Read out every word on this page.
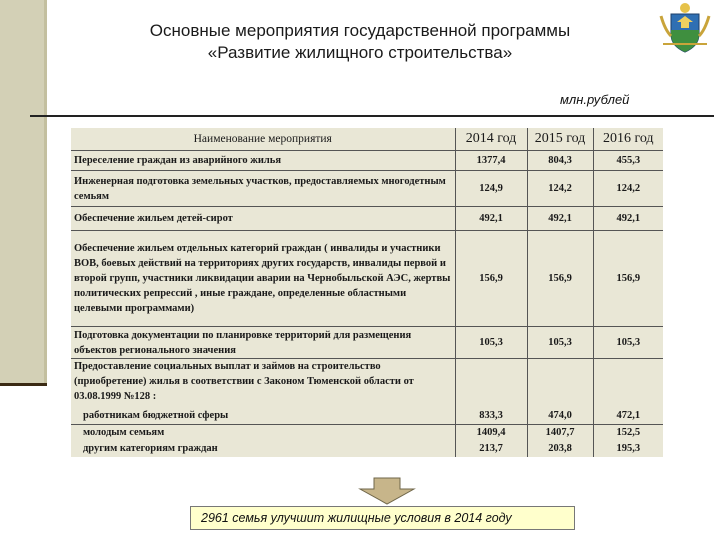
Основные мероприятия государственной программы
«Развитие жилищного строительства»
млн.рублей
Наименование мероприятия	2014 год	2015 год	2016 год
Переселение граждан из аварийного жилья	1377,4	804,3	455,3
Инженерная подготовка земельных участков, предоставляемых многодетным семьям	124,9	124,2	124,2
Обеспечение жильем детей-сирот	492,1	492,1	492,1
Обеспечение жильем отдельных категорий граждан ( инвалиды и участники ВОВ, боевых действий на территориях других государств, инвалиды первой и второй групп, участники ликвидации аварии на Чернобыльской АЭС, жертвы политических репрессий , иные граждане, определенные областными целевыми программами)	156,9	156,9	156,9
Подготовка документации по планировке территорий для размещения объектов регионального значения	105,3	105,3	105,3
Предоставление социальных выплат и займов на строительство (приобретение) жилья в соответствии с Законом Тюменской области от 03.08.1999 №128 :			
работникам бюджетной сферы	833,3	474,0	472,1
молодым семьям	1409,4	1407,7	152,5
другим категориям граждан	213,7	203,8	195,3
2961 семья улучшит жилищные условия в 2014 году
